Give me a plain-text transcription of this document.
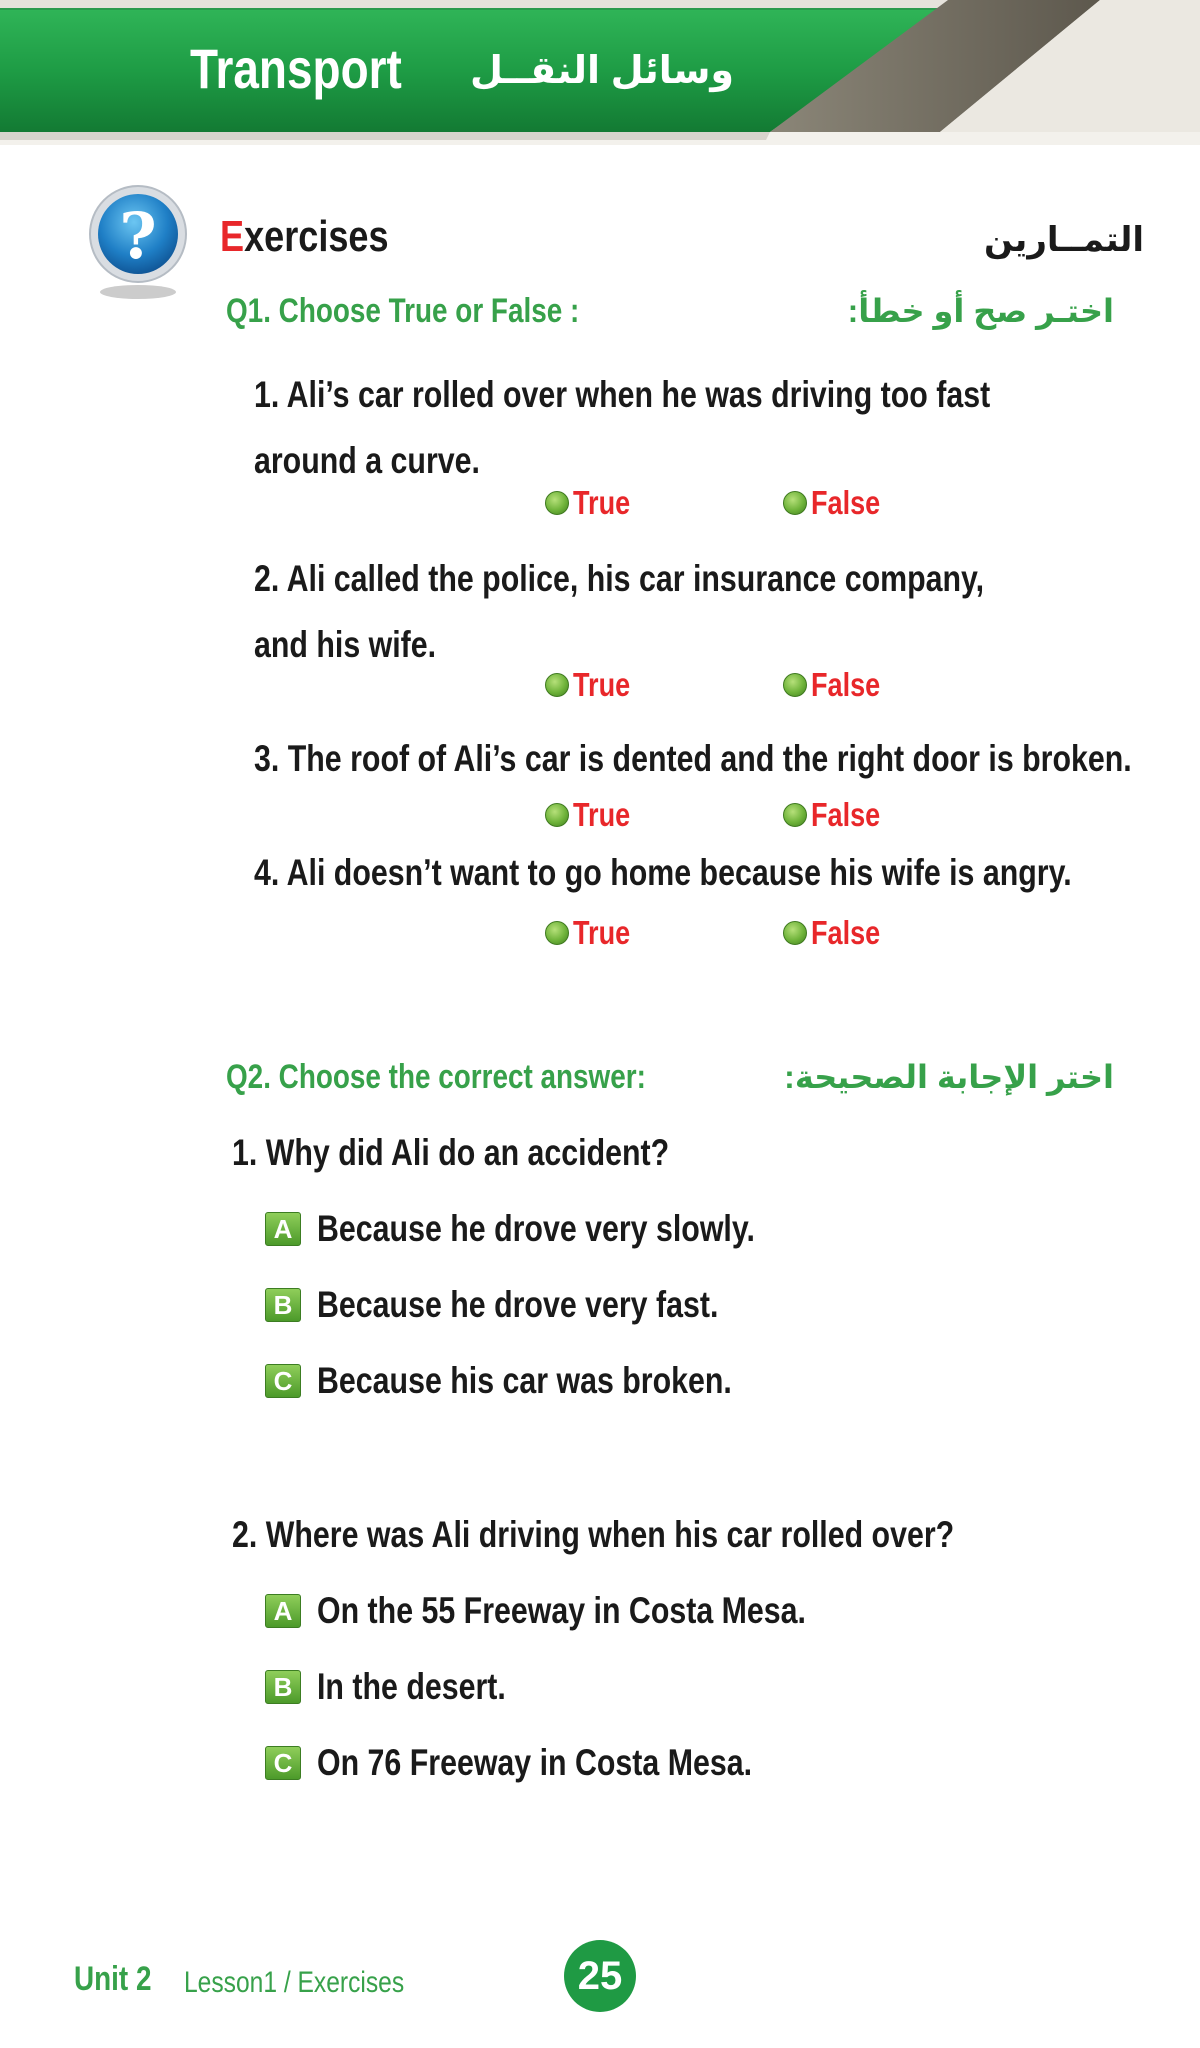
Transport	وسائل النقــل
? Exercises	التمــارين
Q1. Choose True or False :	اختـر صح أو خطأ:
1. Ali’s car rolled over when he was driving too fast
around a curve.
True	False
2. Ali called the police, his car insurance company,
and his wife.
True	False
3. The roof of Ali’s car is dented and the right door is broken.
True	False
4. Ali doesn’t want to go home because his wife is angry.
True	False
Q2. Choose the correct answer:	اختر الإجابة الصحيحة:
1. Why did Ali do an accident?
A Because he drove very slowly.
B Because he drove very fast.
C Because his car was broken.
2. Where was Ali driving when his car rolled over?
A On the 55 Freeway in Costa Mesa.
B In the desert.
C On 76 Freeway in Costa Mesa.
Unit 2	Lesson1 / Exercises	25
